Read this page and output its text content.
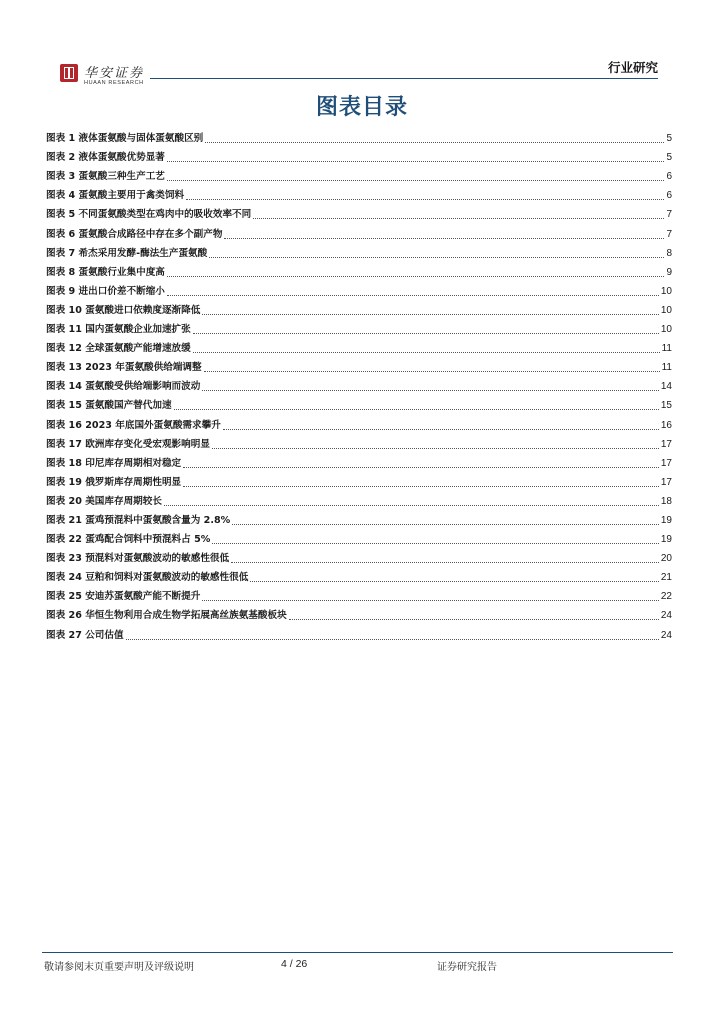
华安证券
HUAAN RESEARCH
行业研究
图表目录
图表 1 液体蛋氨酸与固体蛋氨酸区别	5
图表 2 液体蛋氨酸优势显著	5
图表 3 蛋氨酸三种生产工艺	6
图表 4 蛋氨酸主要用于禽类饲料	6
图表 5 不同蛋氨酸类型在鸡肉中的吸收效率不同	7
图表 6 蛋氨酸合成路径中存在多个副产物	7
图表 7 希杰采用发酵-酶法生产蛋氨酸	8
图表 8 蛋氨酸行业集中度高	9
图表 9 进出口价差不断缩小	10
图表 10 蛋氨酸进口依赖度逐渐降低	10
图表 11 国内蛋氨酸企业加速扩张	10
图表 12 全球蛋氨酸产能增速放缓	11
图表 13 2023 年蛋氨酸供给端调整	11
图表 14 蛋氨酸受供给端影响而波动	14
图表 15 蛋氨酸国产替代加速	15
图表 16 2023 年底国外蛋氨酸需求攀升	16
图表 17 欧洲库存变化受宏观影响明显	17
图表 18 印尼库存周期相对稳定	17
图表 19 俄罗斯库存周期性明显	17
图表 20 美国库存周期较长	18
图表 21 蛋鸡预混料中蛋氨酸含量为 2.8%	19
图表 22 蛋鸡配合饲料中预混料占 5%	19
图表 23 预混料对蛋氨酸波动的敏感性很低	20
图表 24 豆粕和饲料对蛋氨酸波动的敏感性很低	21
图表 25 安迪苏蛋氨酸产能不断提升	22
图表 26 华恒生物利用合成生物学拓展高丝族氨基酸板块	24
图表 27 公司估值	24
敬请参阅末页重要声明及评级说明	4 / 26	证券研究报告
